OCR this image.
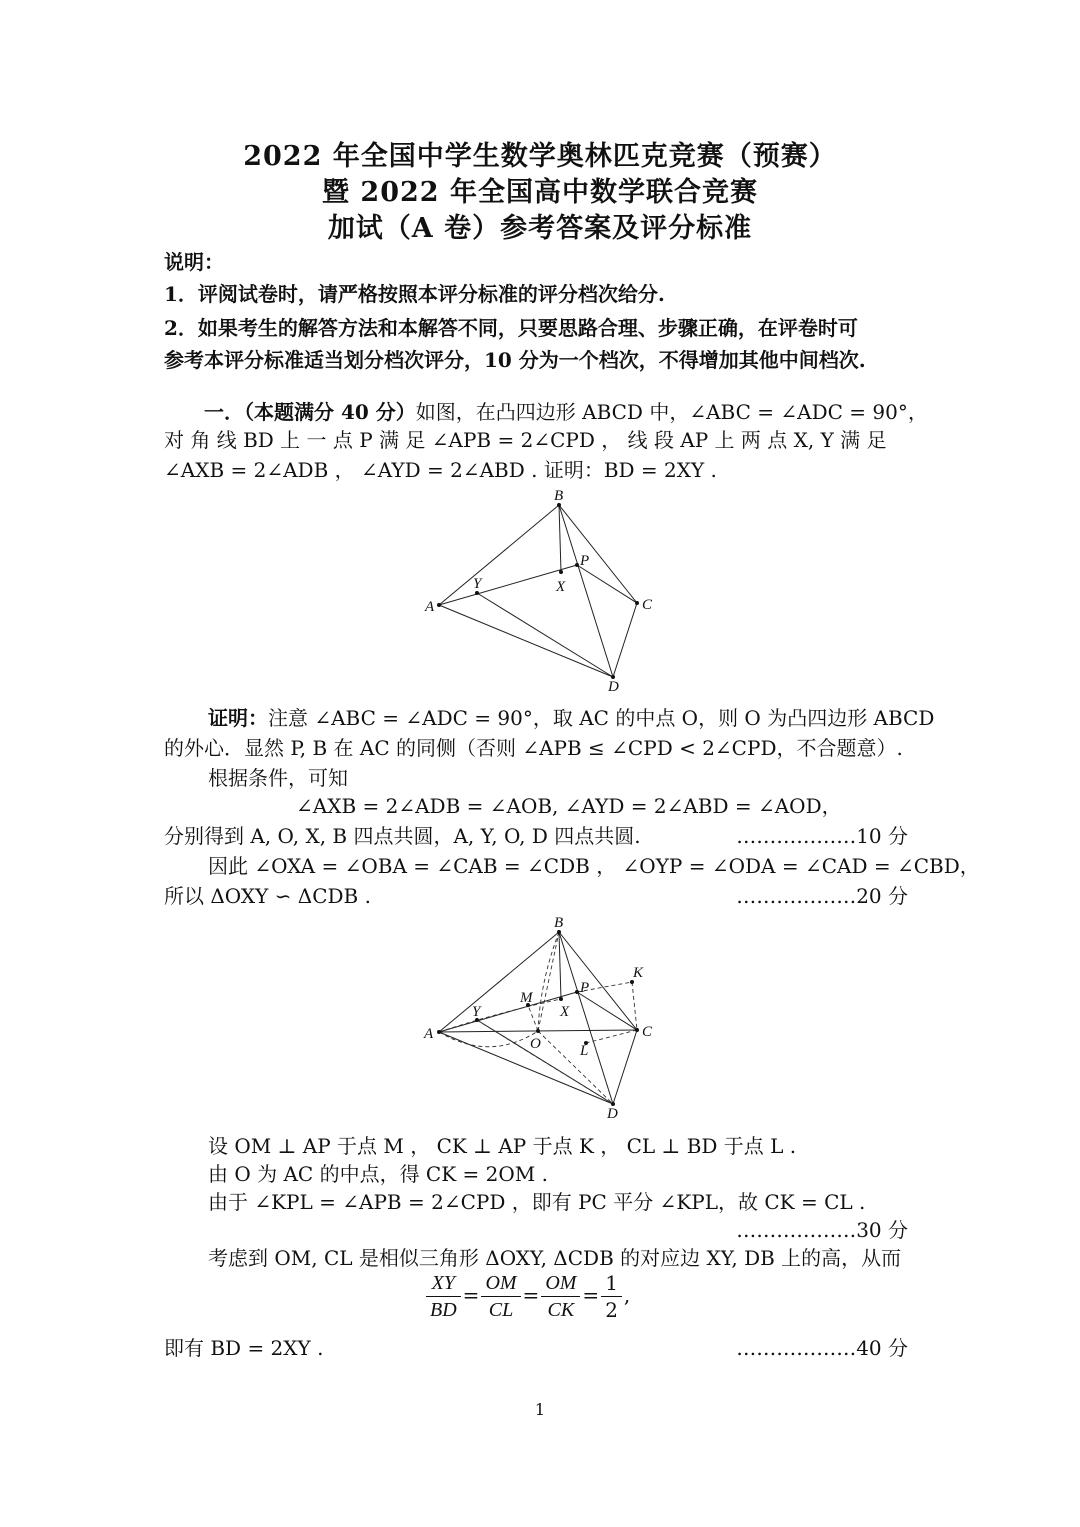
2022 年全国中学生数学奥林匹克竞赛（预赛）
暨 2022 年全国高中数学联合竞赛
加试（A 卷）参考答案及评分标准
说明：
1．评阅试卷时，请严格按照本评分标准的评分档次给分.
2．如果考生的解答方法和本解答不同，只要思路合理、步骤正确，在评卷时可
参考本评分标准适当划分档次评分，10 分为一个档次，不得增加其他中间档次.
一．（本题满分 40 分）如图，在凸四边形 ABCD 中，∠ABC = ∠ADC = 90°，
对 角 线 BD 上 一 点 P 满 足 ∠APB = 2∠CPD ， 线 段 AP 上 两 点 X, Y 满 足
∠AXB = 2∠ADB ， ∠AYD = 2∠ABD . 证明：BD = 2XY .
B
P
Y	X
A	C
D
证明：注意 ∠ABC = ∠ADC = 90°，取 AC 的中点 O，则 O 为凸四边形 ABCD
的外心．显然 P, B 在 AC 的同侧（否则 ∠APB ≤ ∠CPD < 2∠CPD，不合题意）.
根据条件，可知
∠AXB = 2∠ADB = ∠AOB, ∠AYD = 2∠ABD = ∠AOD，
分别得到 A, O, X, B 四点共圆，A, Y, O, D 四点共圆.	………………10 分
因此 ∠OXA = ∠OBA = ∠CAB = ∠CDB ， ∠OYP = ∠ODA = ∠CAD = ∠CBD，
所以 ΔOXY ∽ ΔCDB .	………………20 分
B
K
P
M
X
Y
A
O
C
L
D
设 OM ⊥ AP 于点 M ， CK ⊥ AP 于点 K ， CL ⊥ BD 于点 L .
由 O 为 AC 的中点，得 CK = 2OM .
由于 ∠KPL = ∠APB = 2∠CPD ，即有 PC 平分 ∠KPL，故 CK = CL .
………………30 分
考虑到 OM, CL 是相似三角形 ΔOXY, ΔCDB 的对应边 XY, DB 上的高，从而
$\frac{XY}{BD} = \frac{OM}{CL} = \frac{OM}{CK} = \frac{1}{2}$ ,
即有 BD = 2XY .	………………40 分
1
